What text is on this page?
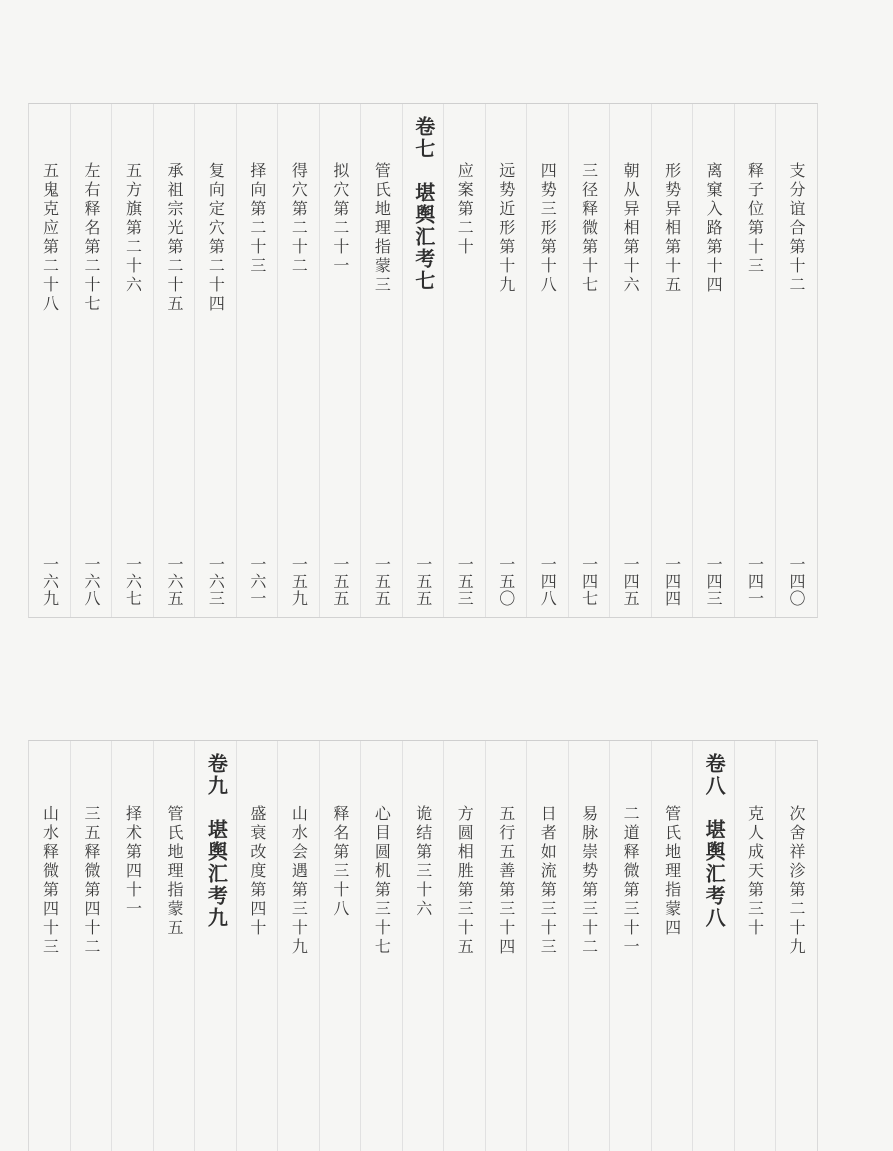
支分谊合第十二
一四〇
释子位第十三
一四一
离窠入路第十四
一四三
形势异相第十五
一四四
朝从异相第十六
一四五
三径释微第十七
一四七
四势三形第十八
一四八
远势近形第十九
一五〇
应案第二十
一五三
卷七　堪舆汇考七
一五五
管氏地理指蒙三
一五五
拟穴第二十一
一五五
得穴第二十二
一五九
择向第二十三
一六一
复向定穴第二十四
一六三
承祖宗光第二十五
一六五
五方旗第二十六
一六七
左右释名第二十七
一六八
五鬼克应第二十八
一六九
次舍祥沴第二十九
克人成天第三十
卷八　堪舆汇考八
管氏地理指蒙四
二道释微第三十一
易脉崇势第三十二
日者如流第三十三
五行五善第三十四
方圆相胜第三十五
诡结第三十六
心目圆机第三十七
释名第三十八
山水会遇第三十九
盛衰改度第四十
卷九　堪舆汇考九
管氏地理指蒙五
择术第四十一
三五释微第四十二
山水释微第四十三
